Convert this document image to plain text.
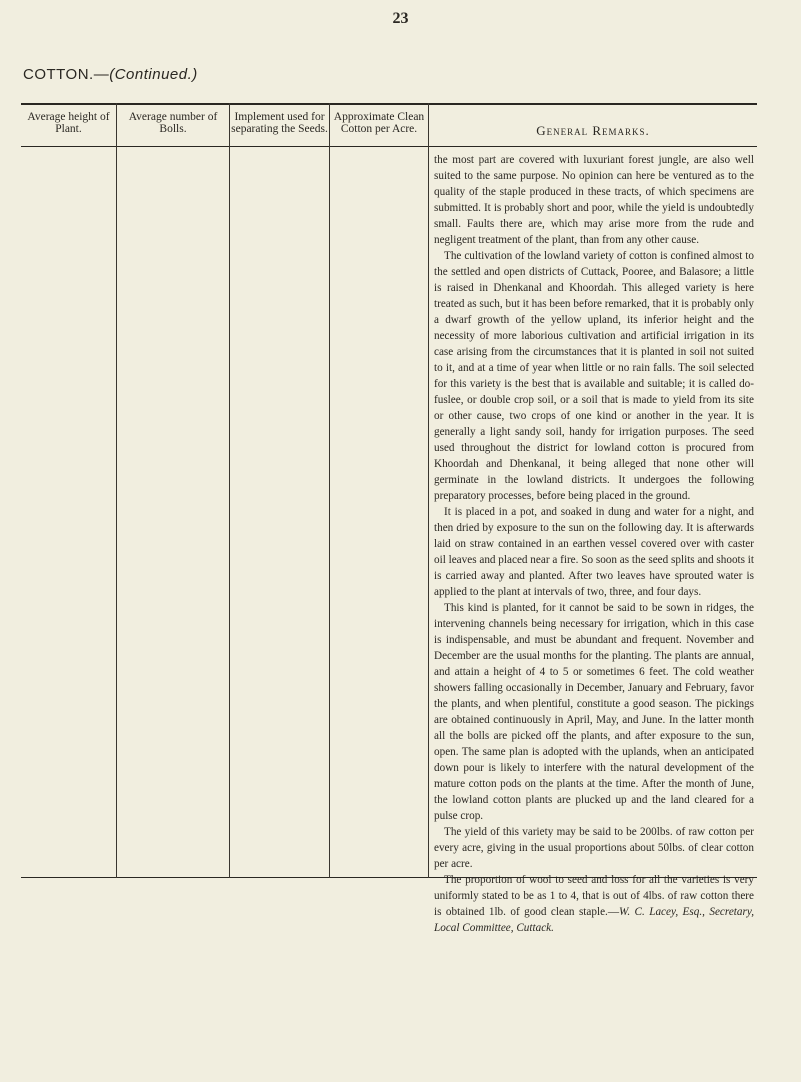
23
COTTON.—(Continued.)
Average height of Plant.
Average number of Bolls.
Implement used for separating the Seeds.
Approximate Clean Cotton per Acre.	General Remarks.

the most part are covered with luxuriant forest jungle, are also well suited to the same purpose. No opinion can here be ventured as to the quality of the staple produced in these tracts, of which specimens are submitted. It is probably short and poor, while the yield is undoubtedly small. Faults there are, which may arise more from the rude and negligent treatment of the plant, than from any other cause.

The cultivation of the lowland variety of cotton is confined almost to the settled and open districts of Cuttack, Pooree, and Balasore; a little is raised in Dhenkanal and Khoordah. This alleged variety is here treated as such, but it has been before remarked, that it is probably only a dwarf growth of the yellow upland, its inferior height and the necessity of more laborious cultivation and artificial irrigation in its case arising from the circumstances that it is planted in soil not suited to it, and at a time of year when little or no rain falls. The soil selected for this variety is the best that is available and suitable; it is called do-fuslee, or double crop soil, or a soil that is made to yield from its site or other cause, two crops of one kind or another in the year. It is generally a light sandy soil, handy for irrigation purposes. The seed used throughout the district for lowland cotton is procured from Khoordah and Dhenkanal, it being alleged that none other will germinate in the lowland districts. It undergoes the following preparatory processes, before being placed in the ground.

It is placed in a pot, and soaked in dung and water for a night, and then dried by exposure to the sun on the following day. It is afterwards laid on straw contained in an earthen vessel covered over with caster oil leaves and placed near a fire. So soon as the seed splits and shoots it is carried away and planted. After two leaves have sprouted water is applied to the plant at intervals of two, three, and four days.

This kind is planted, for it cannot be said to be sown in ridges, the intervening channels being necessary for irrigation, which in this case is indispensable, and must be abundant and frequent. November and December are the usual months for the planting. The plants are annual, and attain a height of 4 to 5 or sometimes 6 feet. The cold weather showers falling occasionally in December, January and February, favor the plants, and when plentiful, constitute a good season. The pickings are obtained continuously in April, May, and June. In the latter month all the bolls are picked off the plants, and after exposure to the sun, open. The same plan is adopted with the uplands, when an anticipated down pour is likely to interfere with the natural development of the mature cotton pods on the plants at the time. After the month of June, the lowland cotton plants are plucked up and the land cleared for a pulse crop.

The yield of this variety may be said to be 200lbs. of raw cotton per every acre, giving in the usual proportions about 50lbs. of clear cotton per acre.

The proportion of wool to seed and loss for all the varieties is very uniformly stated to be as 1 to 4, that is out of 4lbs. of raw cotton there is obtained 1lb. of good clean staple.—W. C. Lacey, Esq., Secretary, Local Committee, Cuttack.
